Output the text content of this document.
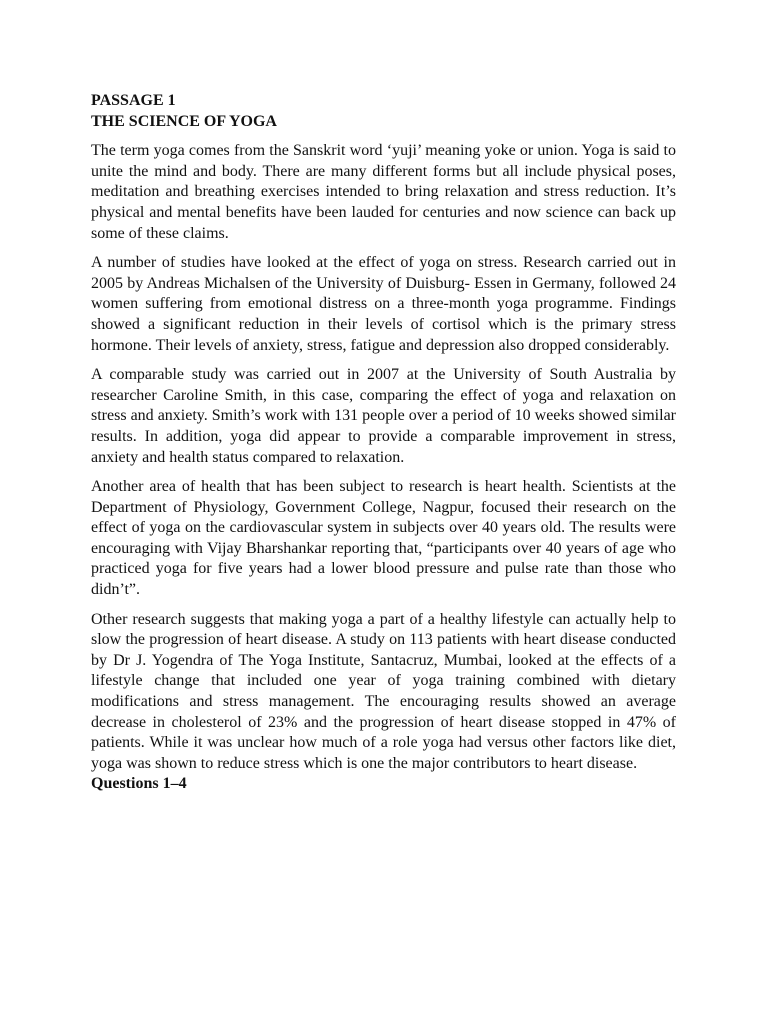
PASSAGE 1

THE SCIENCE OF YOGA

The term yoga comes from the Sanskrit word ‘yuji’ meaning yoke or union. Yoga is said to unite the mind and body. There are many different forms but all include physical poses, meditation and breathing exercises intended to bring relaxation and stress reduction. It’s physical and mental benefits have been lauded for centuries and now science can back up some of these claims.

A number of studies have looked at the effect of yoga on stress. Research carried out in 2005 by Andreas Michalsen of the University of Duisburg- Essen in Germany, followed 24 women suffering from emotional distress on a three-month yoga programme. Findings showed a significant reduction in their levels of cortisol which is the primary stress hormone. Their levels of anxiety, stress, fatigue and depression also dropped considerably.

A comparable study was carried out in 2007 at the University of South Australia by researcher Caroline Smith, in this case, comparing the effect of yoga and relaxation on stress and anxiety. Smith’s work with 131 people over a period of 10 weeks showed similar results. In addition, yoga did appear to provide a comparable improvement in stress, anxiety and health status compared to relaxation.

Another area of health that has been subject to research is heart health. Scientists at the Department of Physiology, Government College, Nagpur, focused their research on the effect of yoga on the cardiovascular system in subjects over 40 years old. The results were encouraging with Vijay Bharshankar reporting that, “participants over 40 years of age who practiced yoga for five years had a lower blood pressure and pulse rate than those who didn’t”.

Other research suggests that making yoga a part of a healthy lifestyle can actually help to slow the progression of heart disease. A study on 113 patients with heart disease conducted by Dr J. Yogendra of The Yoga Institute, Santacruz, Mumbai, looked at the effects of a lifestyle change that included one year of yoga training combined with dietary modifications and stress management. The encouraging results showed an average decrease in cholesterol of 23% and the progression of heart disease stopped in 47% of patients. While it was unclear how much of a role yoga had versus other factors like diet, yoga was shown to reduce stress which is one the major contributors to heart disease.

Questions 1–4
